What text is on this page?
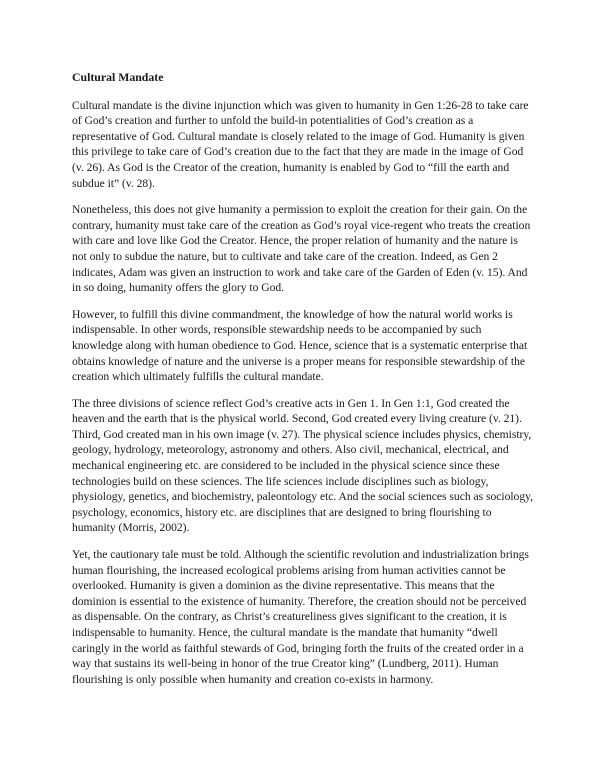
Cultural Mandate

Cultural mandate is the divine injunction which was given to humanity in Gen 1:26-28 to take care of God’s creation and further to unfold the build-in potentialities of God’s creation as a representative of God. Cultural mandate is closely related to the image of God. Humanity is given this privilege to take care of God’s creation due to the fact that they are made in the image of God (v. 26). As God is the Creator of the creation, humanity is enabled by God to “fill the earth and subdue it” (v. 28).

Nonetheless, this does not give humanity a permission to exploit the creation for their gain. On the contrary, humanity must take care of the creation as God’s royal vice-regent who treats the creation with care and love like God the Creator. Hence, the proper relation of humanity and the nature is not only to subdue the nature, but to cultivate and take care of the creation. Indeed, as Gen 2 indicates, Adam was given an instruction to work and take care of the Garden of Eden (v. 15). And in so doing, humanity offers the glory to God.

However, to fulfill this divine commandment, the knowledge of how the natural world works is indispensable. In other words, responsible stewardship needs to be accompanied by such knowledge along with human obedience to God. Hence, science that is a systematic enterprise that obtains knowledge of nature and the universe is a proper means for responsible stewardship of the creation which ultimately fulfills the cultural mandate.

The three divisions of science reflect God’s creative acts in Gen 1. In Gen 1:1, God created the heaven and the earth that is the physical world. Second, God created every living creature (v. 21). Third, God created man in his own image (v. 27). The physical science includes physics, chemistry, geology, hydrology, meteorology, astronomy and others. Also civil, mechanical, electrical, and mechanical engineering etc. are considered to be included in the physical science since these technologies build on these sciences. The life sciences include disciplines such as biology, physiology, genetics, and biochemistry, paleontology etc. And the social sciences such as sociology, psychology, economics, history etc. are disciplines that are designed to bring flourishing to humanity (Morris, 2002).

Yet, the cautionary tale must be told. Although the scientific revolution and industrialization brings human flourishing, the increased ecological problems arising from human activities cannot be overlooked. Humanity is given a dominion as the divine representative. This means that the dominion is essential to the existence of humanity. Therefore, the creation should not be perceived as dispensable. On the contrary, as Christ’s creatureliness gives significant to the creation, it is indispensable to humanity. Hence, the cultural mandate is the mandate that humanity “dwell caringly in the world as faithful stewards of God, bringing forth the fruits of the created order in a way that sustains its well-being in honor of the true Creator king” (Lundberg, 2011). Human flourishing is only possible when humanity and creation co-exists in harmony.
